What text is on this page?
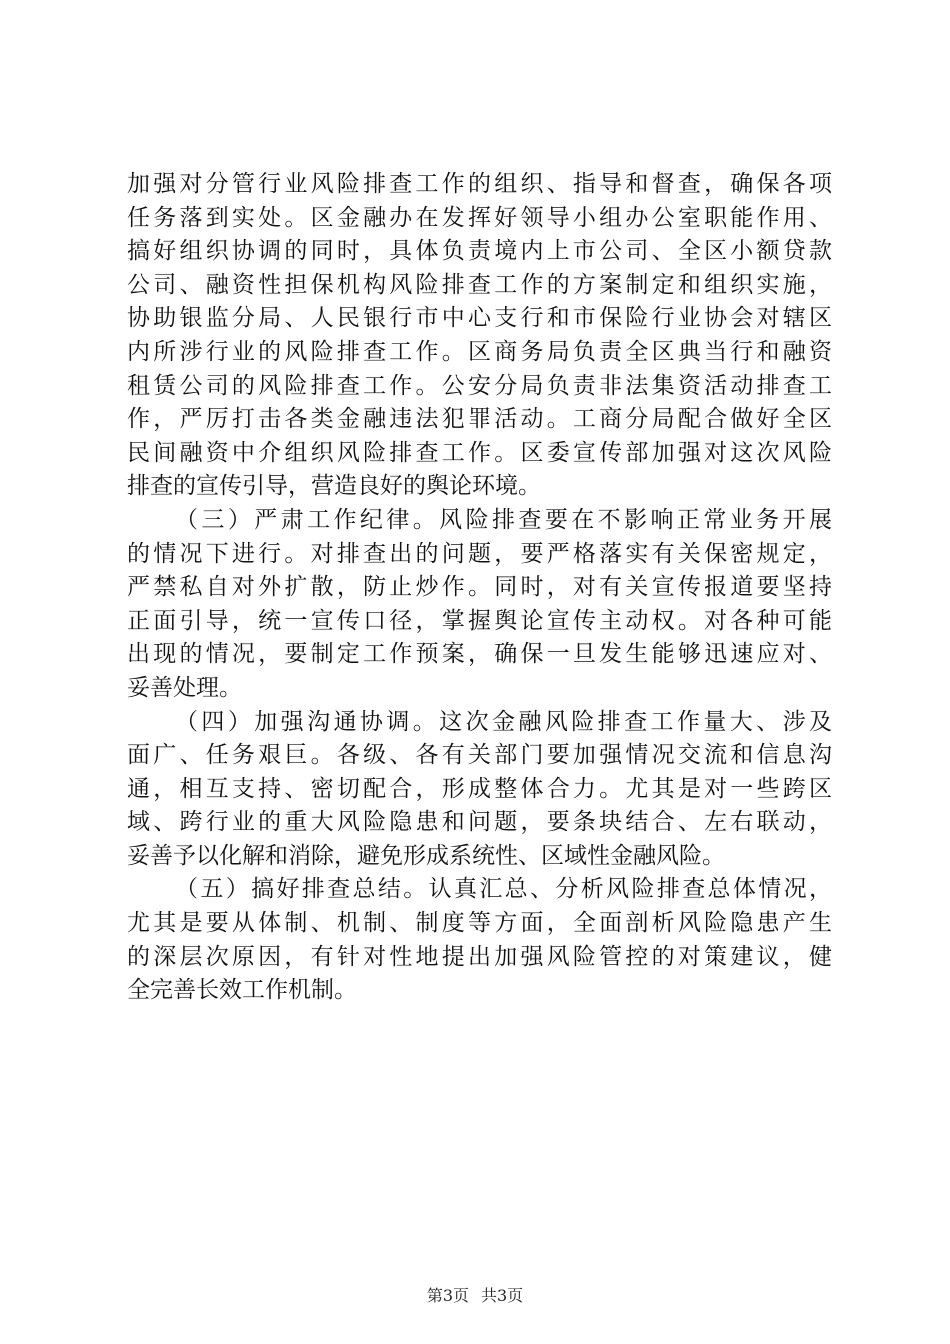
加强对分管行业风险排查工作的组织、指导和督查，确保各项
任务落到实处。区金融办在发挥好领导小组办公室职能作用、
搞好组织协调的同时，具体负责境内上市公司、全区小额贷款
公司、融资性担保机构风险排查工作的方案制定和组织实施，
协助银监分局、人民银行市中心支行和市保险行业协会对辖区
内所涉行业的风险排查工作。区商务局负责全区典当行和融资
租赁公司的风险排查工作。公安分局负责非法集资活动排查工
作，严厉打击各类金融违法犯罪活动。工商分局配合做好全区
民间融资中介组织风险排查工作。区委宣传部加强对这次风险
排查的宣传引导，营造良好的舆论环境。
（三）严肃工作纪律。风险排查要在不影响正常业务开展
的情况下进行。对排查出的问题，要严格落实有关保密规定，
严禁私自对外扩散，防止炒作。同时，对有关宣传报道要坚持
正面引导，统一宣传口径，掌握舆论宣传主动权。对各种可能
出现的情况，要制定工作预案，确保一旦发生能够迅速应对、
妥善处理。
（四）加强沟通协调。这次金融风险排查工作量大、涉及
面广、任务艰巨。各级、各有关部门要加强情况交流和信息沟
通，相互支持、密切配合，形成整体合力。尤其是对一些跨区
域、跨行业的重大风险隐患和问题，要条块结合、左右联动，
妥善予以化解和消除，避免形成系统性、区域性金融风险。
（五）搞好排查总结。认真汇总、分析风险排查总体情况，
尤其是要从体制、机制、制度等方面，全面剖析风险隐患产生
的深层次原因，有针对性地提出加强风险管控的对策建议，健
全完善长效工作机制。
第3页 共3页
